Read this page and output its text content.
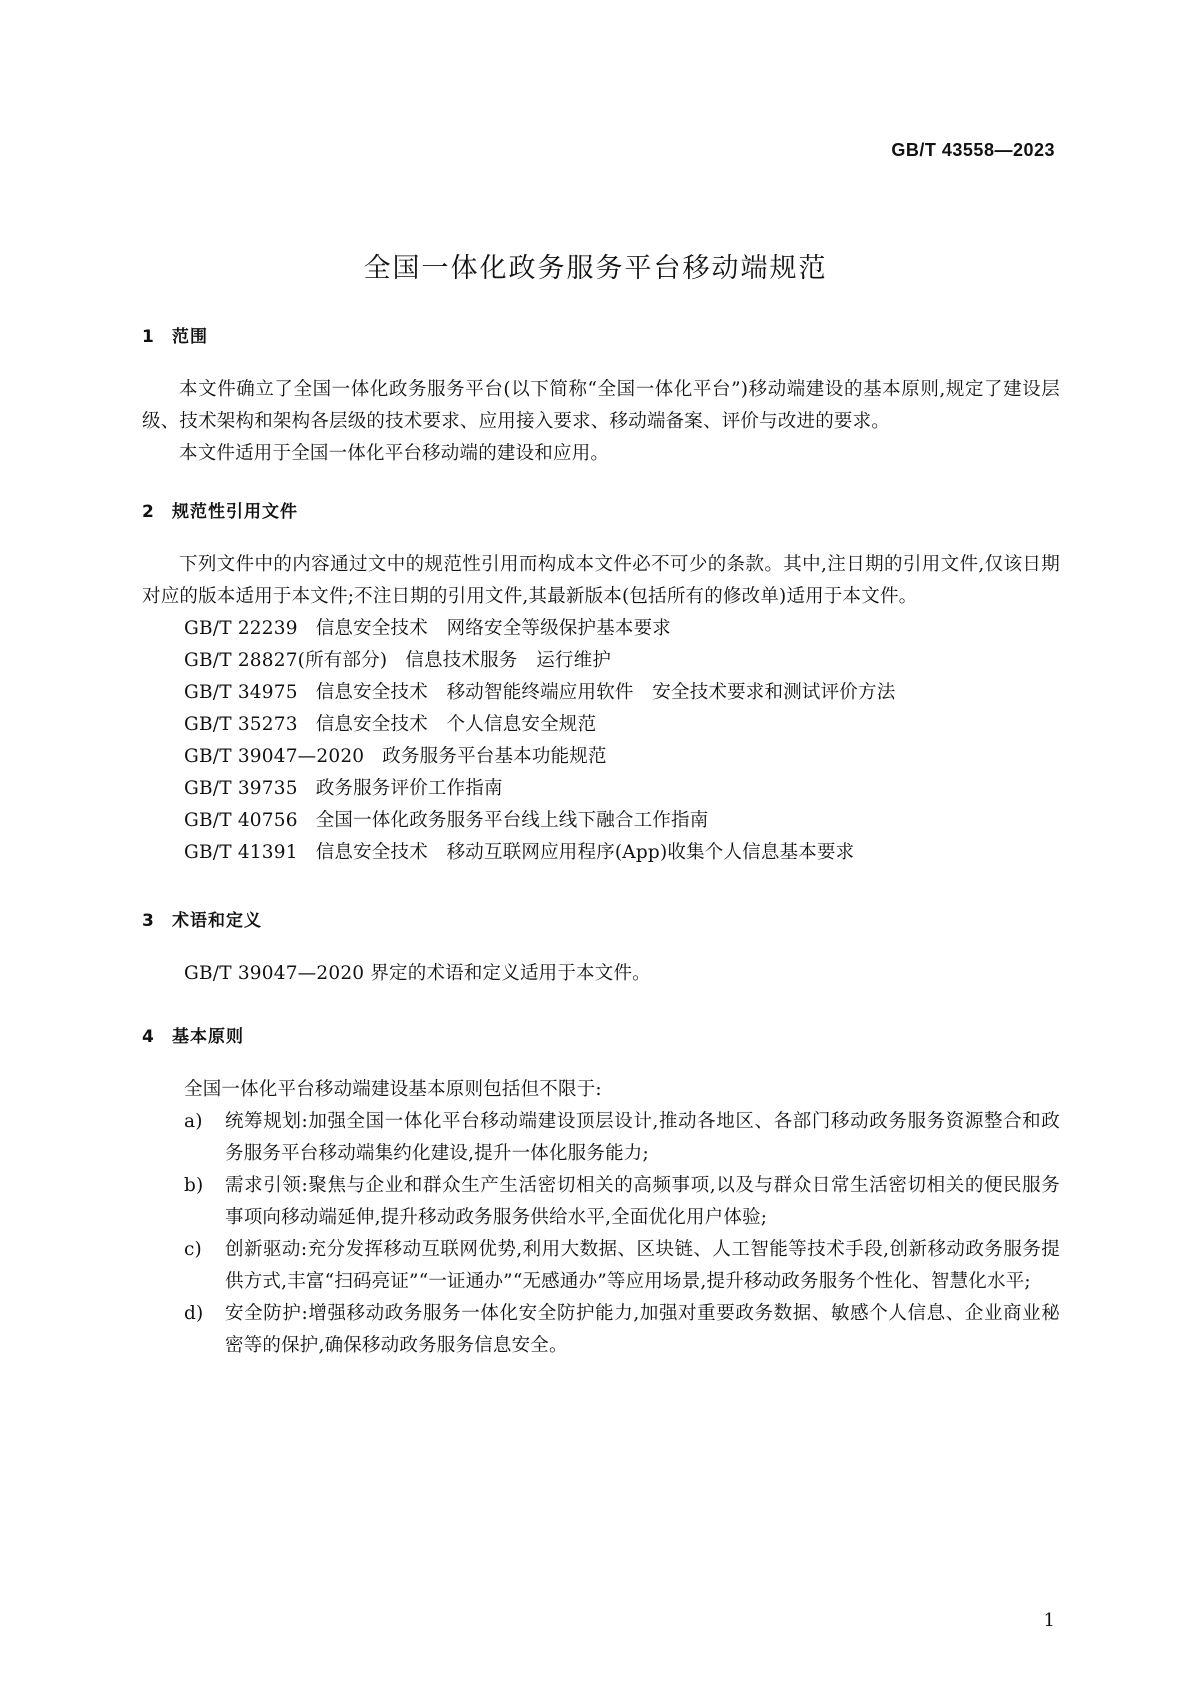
GB/T 43558—2023
全国一体化政务服务平台移动端规范
1 范围

本文件确立了全国一体化政务服务平台(以下简称“全国一体化平台”)移动端建设的基本原则,规定了建设层级、技术架构和架构各层级的技术要求、应用接入要求、移动端备案、评价与改进的要求。

本文件适用于全国一体化平台移动端的建设和应用。

2 规范性引用文件

下列文件中的内容通过文中的规范性引用而构成本文件必不可少的条款。其中,注日期的引用文件,仅该日期对应的版本适用于本文件;不注日期的引用文件,其最新版本(包括所有的修改单)适用于本文件。

GB/T 22239 信息安全技术　网络安全等级保护基本要求
GB/T 28827(所有部分) 信息技术服务　运行维护
GB/T 34975 信息安全技术　移动智能终端应用软件　安全技术要求和测试评价方法
GB/T 35273 信息安全技术　个人信息安全规范
GB/T 39047—2020 政务服务平台基本功能规范
GB/T 39735 政务服务评价工作指南
GB/T 40756 全国一体化政务服务平台线上线下融合工作指南
GB/T 41391 信息安全技术　移动互联网应用程序(App)收集个人信息基本要求
3 术语和定义
GB/T 39047—2020 界定的术语和定义适用于本文件。
4 基本原则
全国一体化平台移动端建设基本原则包括但不限于:
a) 统筹规划:加强全国一体化平台移动端建设顶层设计,推动各地区、各部门移动政务服务资源整合和政务服务平台移动端集约化建设,提升一体化服务能力;
b) 需求引领:聚焦与企业和群众生产生活密切相关的高频事项,以及与群众日常生活密切相关的便民服务事项向移动端延伸,提升移动政务服务供给水平,全面优化用户体验;
c) 创新驱动:充分发挥移动互联网优势,利用大数据、区块链、人工智能等技术手段,创新移动政务服务提供方式,丰富“扫码亮证”“一证通办”“无感通办”等应用场景,提升移动政务服务个性化、智慧化水平;
d) 安全防护:增强移动政务服务一体化安全防护能力,加强对重要政务数据、敏感个人信息、企业商业秘密等的保护,确保移动政务服务信息安全。
1
